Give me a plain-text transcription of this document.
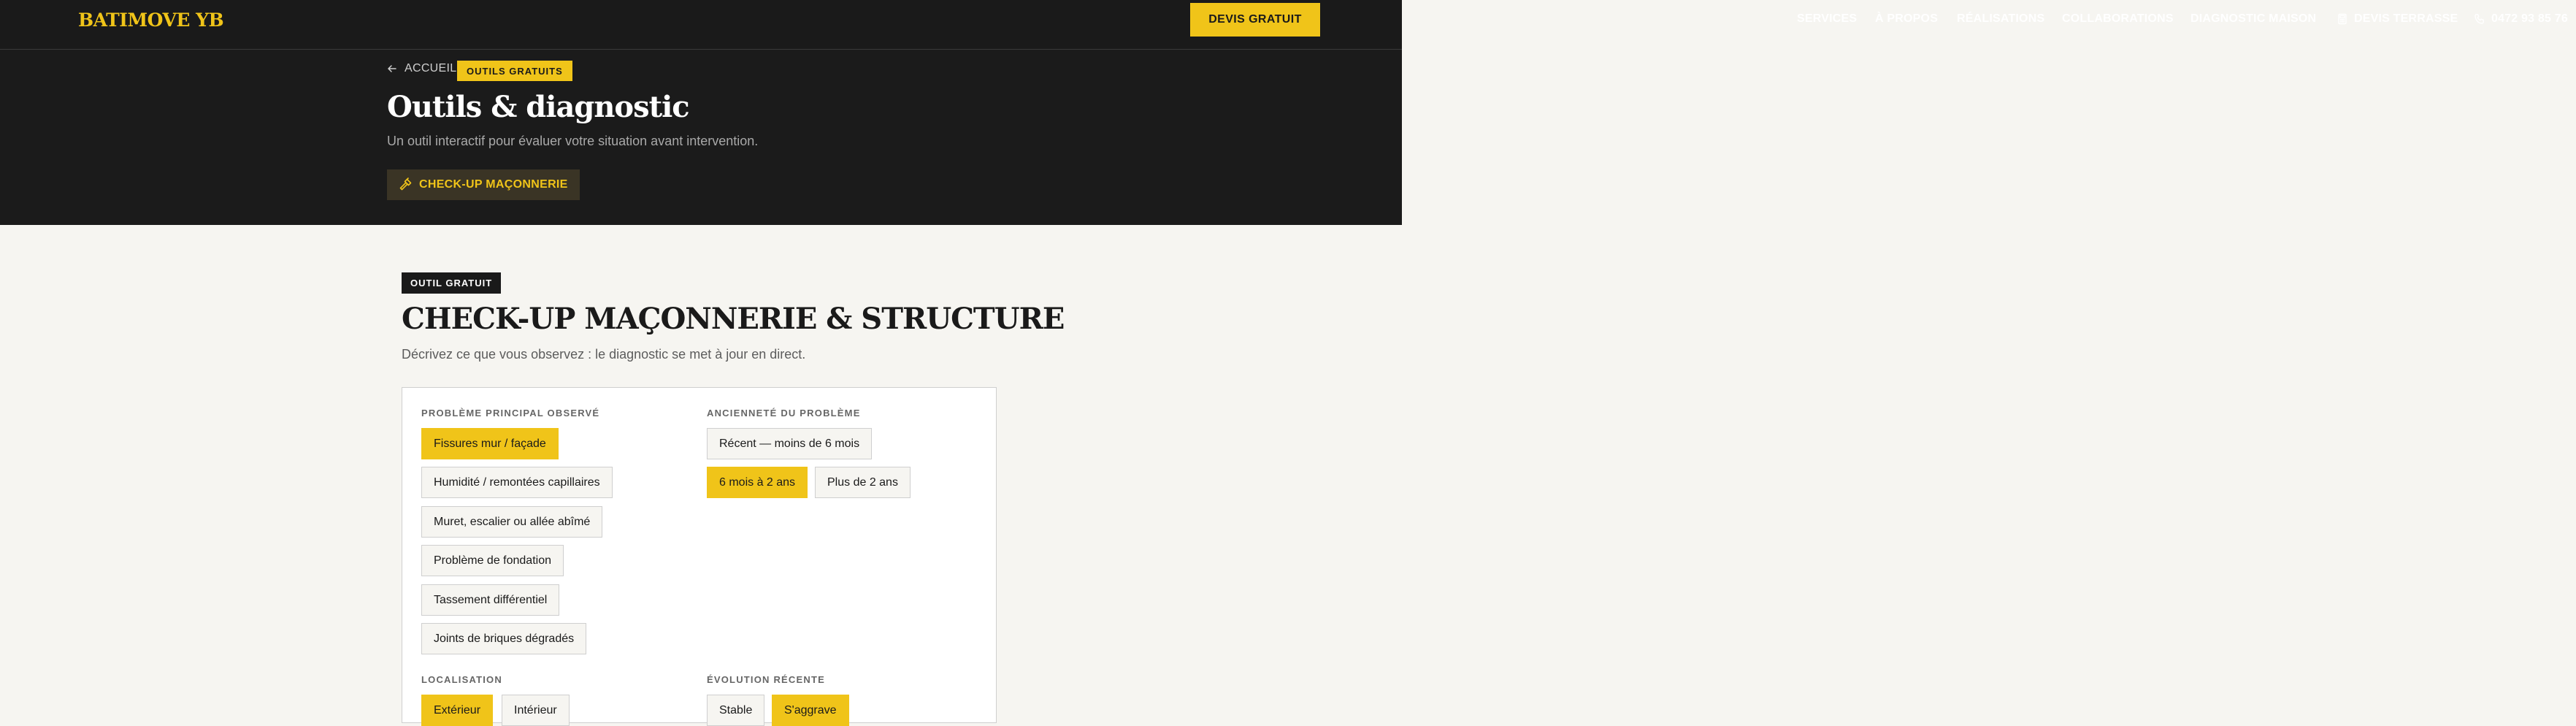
BATIMOVE YB	SERVICES À PROPOS RÉALISATIONS COLLABORATIONS DIAGNOSTIC MAISON	DEVIS TERRASSE	0472 93 85 76
DEVIS GRATUIT
ACCUEIL	OUTILS GRATUITS
Outils & diagnostic

Un outil interactif pour évaluer votre situation avant intervention.

CHECK-UP MAÇONNERIE
OUTIL GRATUIT
CHECK-UP MAÇONNERIE & STRUCTURE

Décrivez ce que vous observez : le diagnostic se met à jour en direct.

PROBLÈME PRINCIPAL OBSERVÉ
Fissures mur / façade
Humidité / remontées capillaires
Muret, escalier ou allée abîmé
Problème de fondation
Tassement différentiel
Joints de briques dégradés
ANCIENNETÉ DU PROBLÈME
Récent — moins de 6 mois
6 mois à 2 ans	Plus de 2 ans
LOCALISATION
Extérieur	Intérieur
ÉVOLUTION RÉCENTE
Stable	S'aggrave
